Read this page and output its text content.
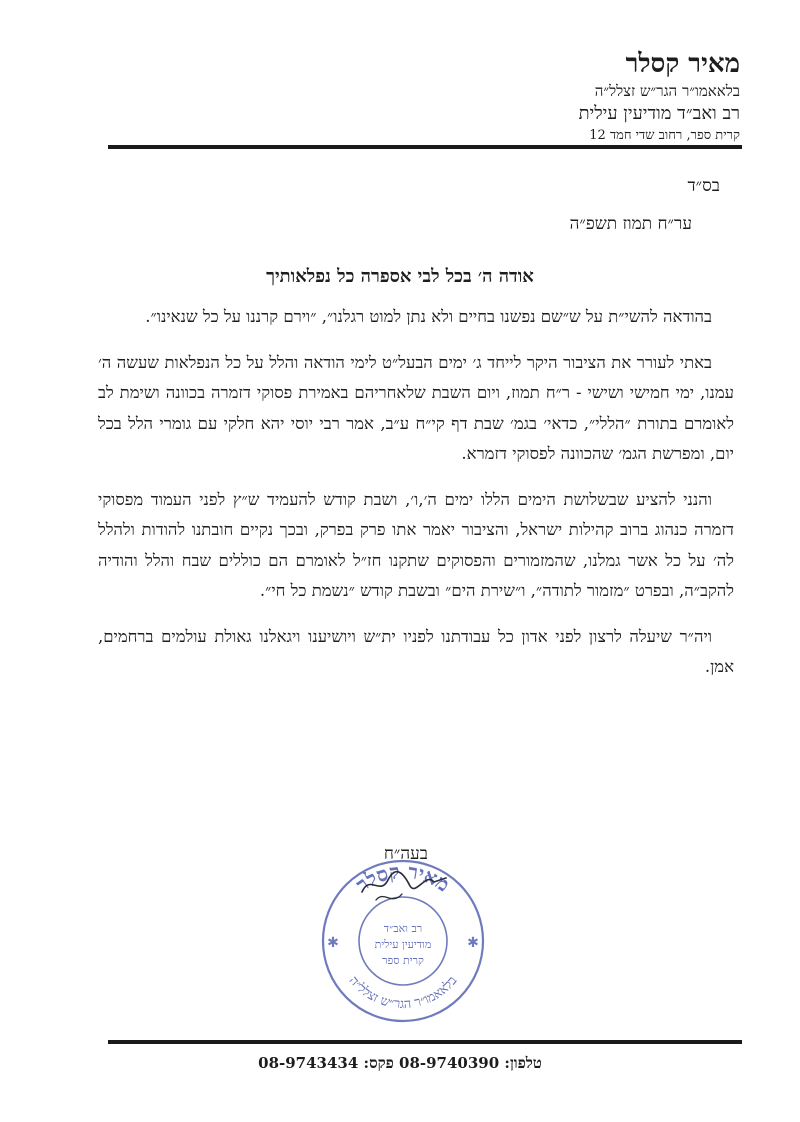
מאיר קסלר
בלאאמו״ר הגר״ש זצלל״ה
רב ואב״ד מודיעין עילית
קרית ספר, רחוב שדי חמד 12
בס״ד
ער״ח תמוז תשפ״ה
אודה ה׳ בכל לבי אספרה כל נפלאותיך

בהודאה להשי״ת על ש״שם נפשנו בחיים ולא נתן למוט רגלנו״, ״וירם קרננו על כל שנאינו״.

באתי לעורר את הציבור היקר לייחד ג׳ ימים הבעל״ט לימי הודאה והלל על כל הנפלאות שעשה ה׳ עמנו, ימי חמישי ושישי - ר״ח תמוז, ויום השבת שלאחריהם באמירת פסוקי דזמרה בכוונה ושימת לב לאומרם בתורת ״הללי״, כדאי׳ בגמ׳ שבת דף קי״ח ע״ב, אמר רבי יוסי יהא חלקי עם גומרי הלל בכל יום, ומפרשת הגמ׳ שהכוונה לפסוקי דזמרא.

והנני להציע שבשלושת הימים הללו ימים ה׳,ו׳, ושבת קודש להעמיד ש״ץ לפני העמוד מפסוקי דזמרה כנהוג ברוב קהילות ישראל, והציבור יאמר אתו פרק בפרק, ובכך נקיים חובתנו להודות ולהלל לה׳ על כל אשר גמלנו, שהמזמורים והפסוקים שתקנו חז״ל לאומרם הם כוללים שבח והלל והודיה להקב״ה, ובפרט ״מזמור לתודה״, ו״שירת הים״ ובשבת קודש ״נשמת כל חי״.

ויה״ר שיעלה לרצון לפני אדון כל עבודתנו לפניו ית״ש ויושיענו ויגאלנו גאולת עולמים ברחמים, אמן.

בעה״ח
✱	✱
מאיר קסלר
בלאאמו״ר הגר״ש זצלל״ה
רב ואב״ד
מודיעין עילית
קרית ספר
טלפון: 08-9740390 פקס: 08-9743434
